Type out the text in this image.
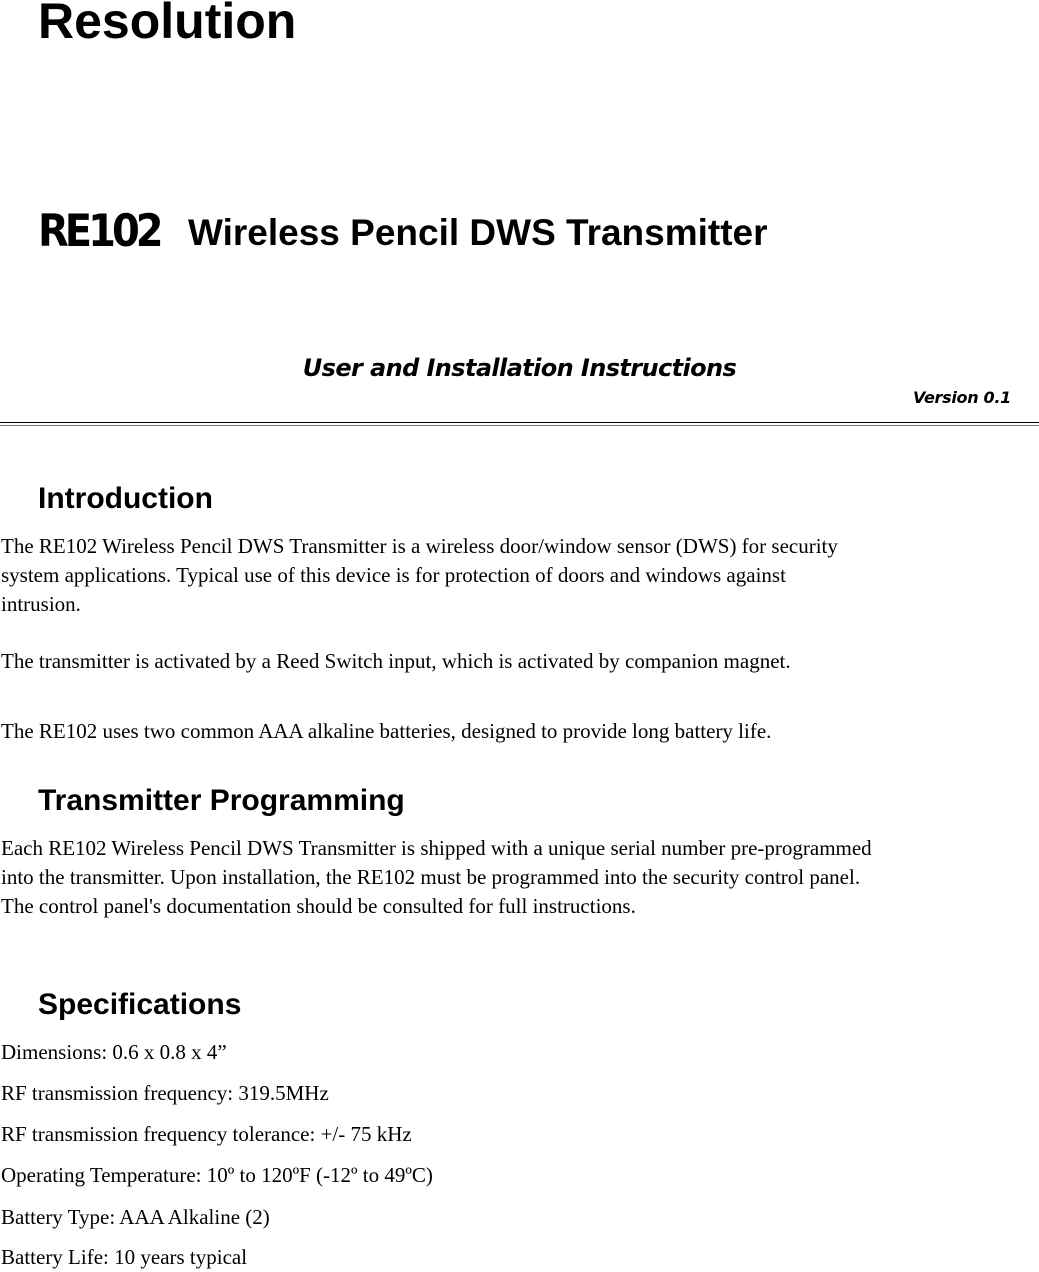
Resolution
RE102 Wireless Pencil DWS Transmitter
User and Installation Instructions
Version 0.1
Introduction
The RE102 Wireless Pencil DWS Transmitter is a wireless door/window sensor (DWS) for security
system applications. Typical use of this device is for protection of doors and windows against
intrusion.
The transmitter is activated by a Reed Switch input, which is activated by companion magnet.
The RE102 uses two common AAA alkaline batteries, designed to provide long battery life.
Transmitter Programming
Each RE102 Wireless Pencil DWS Transmitter is shipped with a unique serial number pre-programmed
into the transmitter. Upon installation, the RE102 must be programmed into the security control panel.
The control panel's documentation should be consulted for full instructions.
Specifications
Dimensions: 0.6 x 0.8 x 4”
RF transmission frequency: 319.5MHz
RF transmission frequency tolerance: +/- 75 kHz
Operating Temperature: 10º to 120ºF (-12º to 49ºC)
Battery Type: AAA Alkaline (2)
Battery Life: 10 years typical
